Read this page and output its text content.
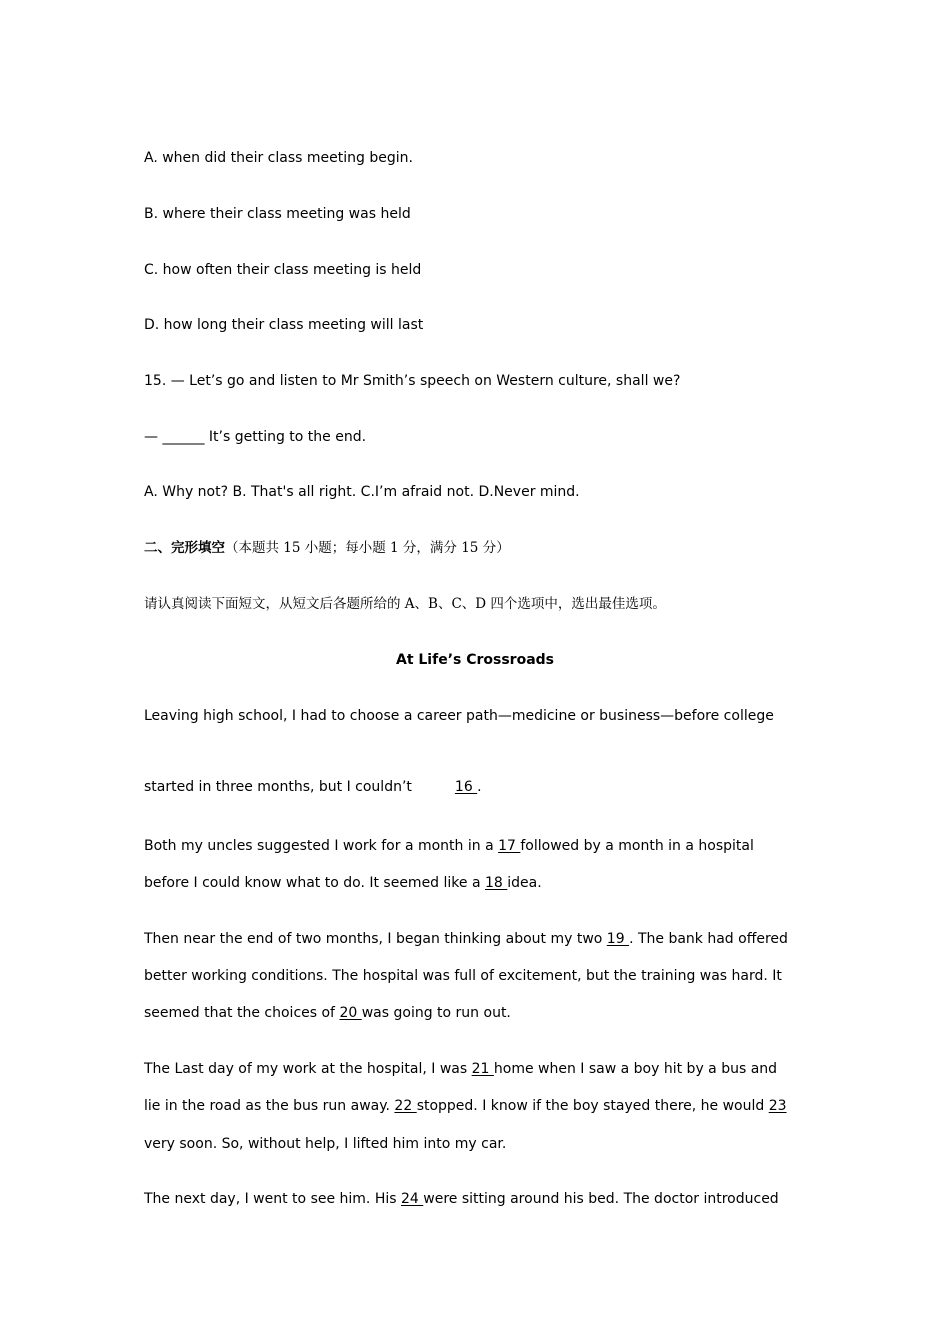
A. when did their class meeting begin.
B. where their class meeting was held
C. how often their class meeting is held
D. how long their class meeting will last
15. — Let’s go and listen to Mr Smith’s speech on Western culture, shall we?
— ______ It’s getting to the end.
A. Why not? B. That's all right. C.I’m afraid not. D.Never mind.
二、完形填空（本题共 15 小题；每小题 1 分，满分 15 分）
请认真阅读下面短文，从短文后各题所给的 A、B、C、D 四个选项中，选出最佳选项。
At Life’s Crossroads
Leaving high school, I had to choose a career path—medicine or business—before college
started in three months, but I couldn’t	16 .
Both my uncles suggested I work for a month in a 17 followed by a month in a hospital
before I could know what to do. It seemed like a 18 idea.
Then near the end of two months, I began thinking about my two 19 . The bank had offered
better working conditions. The hospital was full of excitement, but the training was hard. It
seemed that the choices of 20 was going to run out.
The Last day of my work at the hospital, I was 21 home when I saw a boy hit by a bus and
lie in the road as the bus run away. 22 stopped. I know if the boy stayed there, he would 23
very soon. So, without help, I lifted him into my car.
The next day, I went to see him. His 24 were sitting around his bed. The doctor introduced
